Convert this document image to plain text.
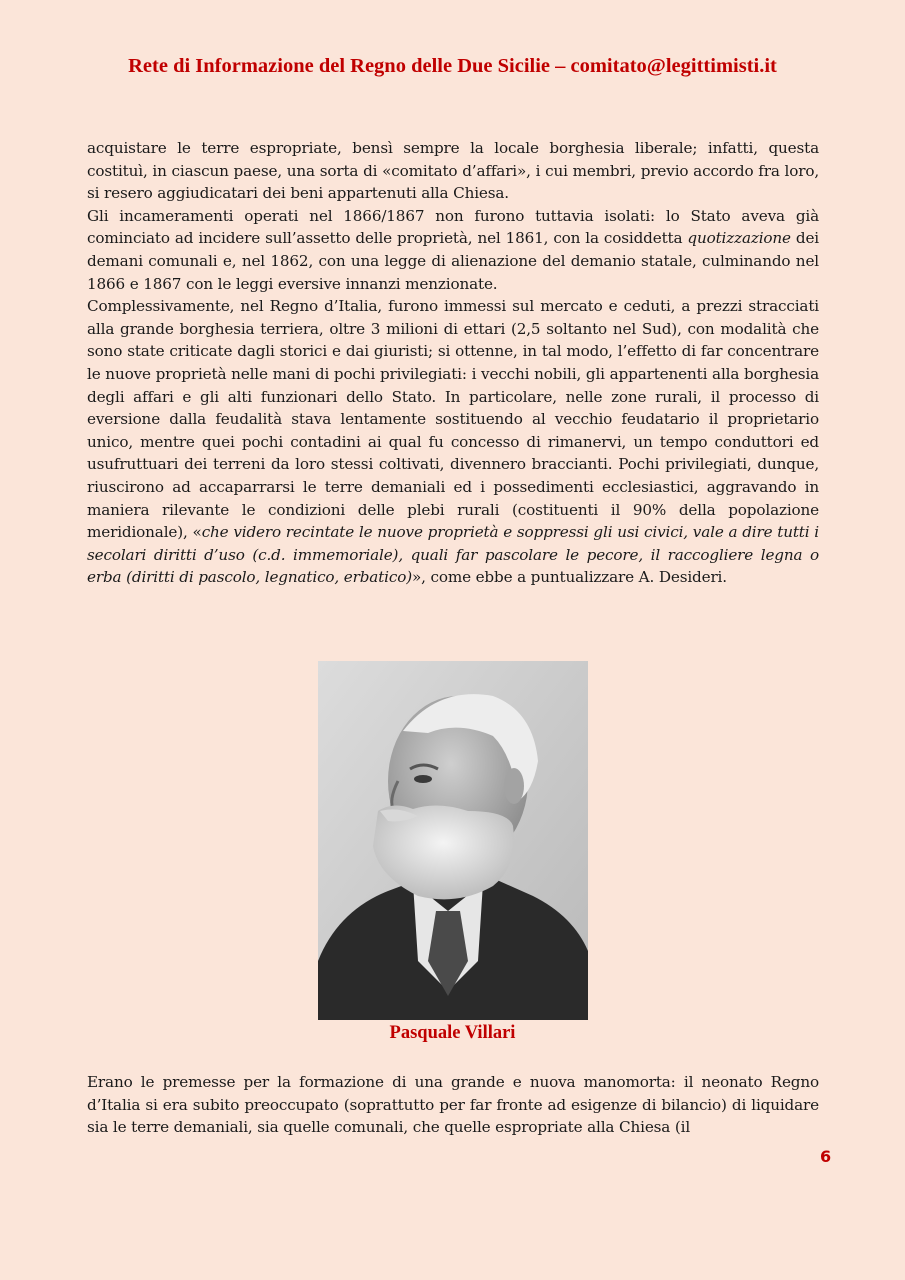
Rete di Informazione del Regno delle Due Sicilie – comitato@legittimisti.it

acquistare le terre espropriate, bensì sempre la locale borghesia liberale; infatti, questa costituì, in ciascun paese, una sorta di «comitato d’affari», i cui membri, previo accordo fra loro, si resero aggiudicatari dei beni appartenuti alla Chiesa.

Gli incameramenti operati nel 1866/1867 non furono tuttavia isolati: lo Stato aveva già cominciato ad incidere sull’assetto delle proprietà, nel 1861, con la cosiddetta quotizzazione dei demani comunali e, nel 1862, con una legge di alienazione del demanio statale, culminando nel 1866 e 1867 con le leggi eversive innanzi menzionate.

Complessivamente, nel Regno d’Italia, furono immessi sul mercato e ceduti, a prezzi stracciati alla grande borghesia terriera, oltre 3 milioni di ettari (2,5 soltanto nel Sud), con modalità che sono state criticate dagli storici e dai giuristi; si ottenne, in tal modo, l’effetto di far concentrare le nuove proprietà nelle mani di pochi privilegiati: i vecchi nobili, gli appartenenti alla borghesia degli affari e gli alti funzionari dello Stato. In particolare, nelle zone rurali, il processo di eversione dalla feudalità stava lentamente sostituendo al vecchio feudatario il proprietario unico, mentre quei pochi contadini ai qual fu concesso di rimanervi, un tempo conduttori ed usufruttuari dei terreni da loro stessi coltivati, divennero braccianti. Pochi privilegiati, dunque, riuscirono ad accaparrarsi le terre demaniali ed i possedimenti ecclesiastici, aggravando in maniera rilevante le condizioni delle plebi rurali (costituenti il 90% della popolazione meridionale), «che videro recintate le nuove proprietà e soppressi gli usi civici, vale a dire tutti i secolari diritti d’uso (c.d. immemoriale), quali far pascolare le pecore, il raccogliere legna o erba (diritti di pascolo, legnatico, erbatico)», come ebbe a puntualizzare A. Desideri.

Pasquale Villari

Erano le premesse per la formazione di una grande e nuova manomorta: il neonato Regno d’Italia si era subito preoccupato (soprattutto per far fronte ad esigenze di bilancio) di liquidare sia le terre demaniali, sia quelle comunali, che quelle espropriate alla Chiesa (il

6
